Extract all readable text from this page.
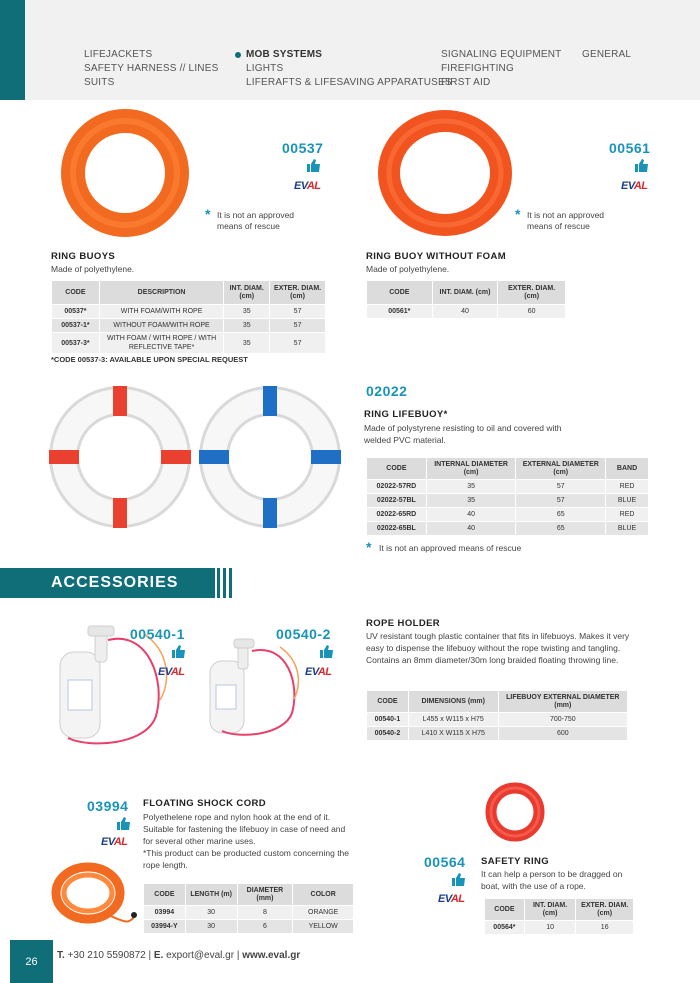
LIFEJACKETS
SAFETY HARNESS // LINES
SUITS
MOB SYSTEMS
LIGHTS
LIFERAFTS & LIFESAVING APPARATUSES
SIGNALING EQUIPMENT
FIREFIGHTING
FIRST AID
GENERAL
00537
EVAL
* It is not an approved
means of rescue
RING BUOYS
Made of polyethylene.
CODE	DESCRIPTION	INT. DIAM. (cm)	EXTER. DIAM. (cm)
00537*	WITH FOAM/WITH ROPE	35	57
00537-1*	WITHOUT FOAM/WITH ROPE	35	57
00537-3*	WITH FOAM / WITH ROPE / WITH REFLECTIVE TAPE*	35	57
*CODE 00537-3: AVAILABLE UPON SPECIAL REQUEST
00561
EVAL
* It is not an approved
means of rescue
RING BUOY WITHOUT FOAM
Made of polyethylene.
CODE	INT. DIAM. (cm)	EXTER. DIAM. (cm)
00561*	40	60
02022
RING LIFEBUOY*
Made of polystyrene resisting to oil and covered with welded PVC material.
CODE	INTERNAL DIAMETER (cm)	EXTERNAL DIAMETER (cm)	BAND
02022-57RD	35	57	RED
02022-57BL	35	57	BLUE
02022-65RD	40	65	RED
02022-65BL	40	65	BLUE
* It is not an approved means of rescue
ACCESSORIES
00540-1
EVAL
00540-2
EVAL
ROPE HOLDER
UV resistant tough plastic container that fits in lifebuoys. Makes it very easy to dispense the lifebuoy without the rope twisting and tangling. Contains an 8mm diameter/30m long braided floating throwing line.
CODE	DIMENSIONS (mm)	LIFEBUOY EXTERNAL DIAMETER (mm)
00540-1	L455 x W115 x H75	700-750
00540-2	L410 X W115 X H75	600
03994
EVAL
FLOATING SHOCK CORD
Polyethelene rope and nylon hook at the end of it. Suitable for fastening the lifebuoy in case of need and for several other marine uses.
*This product can be producted custom concerning the rope length.
CODE	LENGTH (m)	DIAMETER (mm)	COLOR
03994	30	8	ORANGE
03994-Y	30	6	YELLOW
00564
EVAL
SAFETY RING
It can help a person to be dragged on boat, with the use of a rope.
CODE	INT. DIAM. (cm)	EXTER. DIAM. (cm)
00564*	10	16
26	T. +30 210 5590872 | E. export@eval.gr | www.eval.gr
